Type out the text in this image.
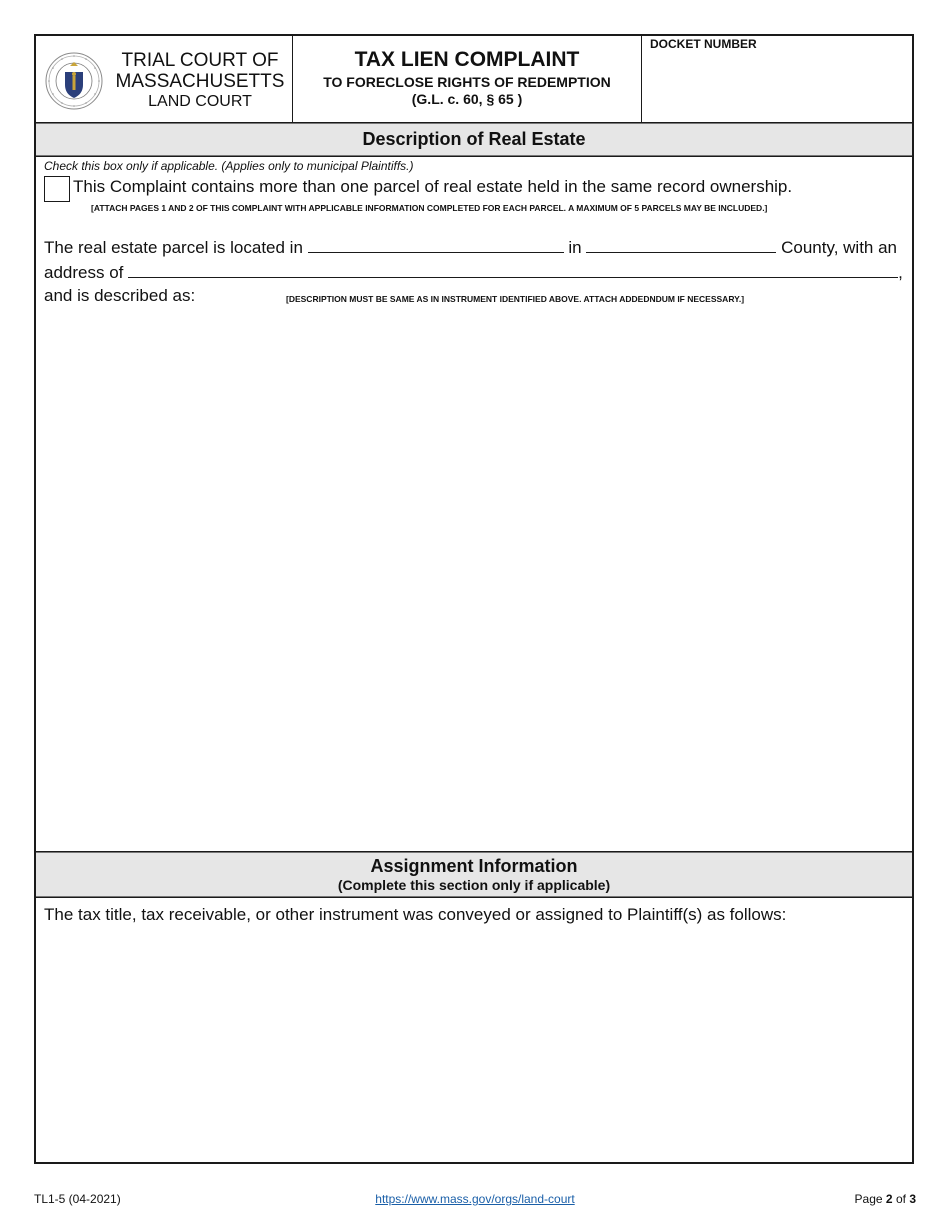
TRIAL COURT OF
MASSACHUSETTS
LAND COURT
TAX LIEN COMPLAINT
TO FORECLOSE RIGHTS OF REDEMPTION
(G.L. c. 60, § 65 )
DOCKET NUMBER
Description of Real Estate
Check this box only if applicable. (Applies only to municipal Plaintiffs.)
This Complaint contains more than one parcel of real estate held in the same record ownership.
[ATTACH PAGES 1 AND 2 OF THIS COMPLAINT WITH APPLICABLE INFORMATION COMPLETED FOR EACH PARCEL. A MAXIMUM OF 5 PARCELS MAY BE INCLUDED.]
The real estate parcel is located in	in	County, with an
address of	,
and is described as:	[DESCRIPTION MUST BE SAME AS IN INSTRUMENT IDENTIFIED ABOVE. ATTACH ADDEDNDUM IF NECESSARY.]
Assignment Information
(Complete this section only if applicable)
The tax title, tax receivable, or other instrument was conveyed or assigned to Plaintiff(s) as follows:
TL1-5 (04-2021)	https://www.mass.gov/orgs/land-court	Page 2 of 3
